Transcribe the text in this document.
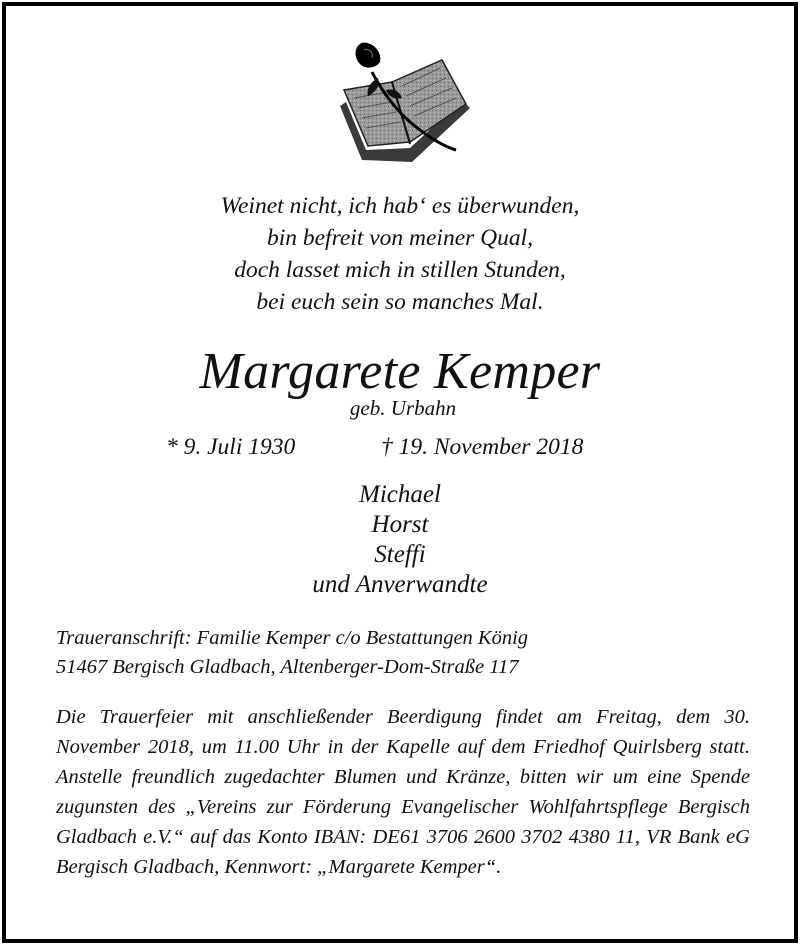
Weinet nicht, ich hab‘ es überwunden,
bin befreit von meiner Qual,
doch lasset mich in stillen Stunden,
bei euch sein so manches Mal.
Margarete Kemper
geb. Urbahn
* 9. Juli 1930	† 19. November 2018
Michael
Horst
Steffi
und Anverwandte
Traueranschrift: Familie Kemper c/o Bestattungen König
51467 Bergisch Gladbach, Altenberger-Dom-Straße 117
Die Trauerfeier mit anschließender Beerdigung findet am Freitag, dem 30. November 2018, um 11.00 Uhr in der Kapelle auf dem Friedhof Quirlsberg statt. Anstelle freundlich zugedachter Blumen und Kränze, bitten wir um eine Spende zugunsten des „Vereins zur Förderung Evangelischer Wohlfahrtspflege Bergisch Gladbach e.V.“ auf das Konto IBAN: DE61 3706 2600 3702 4380 11, VR Bank eG Bergisch Gladbach, Kennwort: „Margarete Kemper“.
